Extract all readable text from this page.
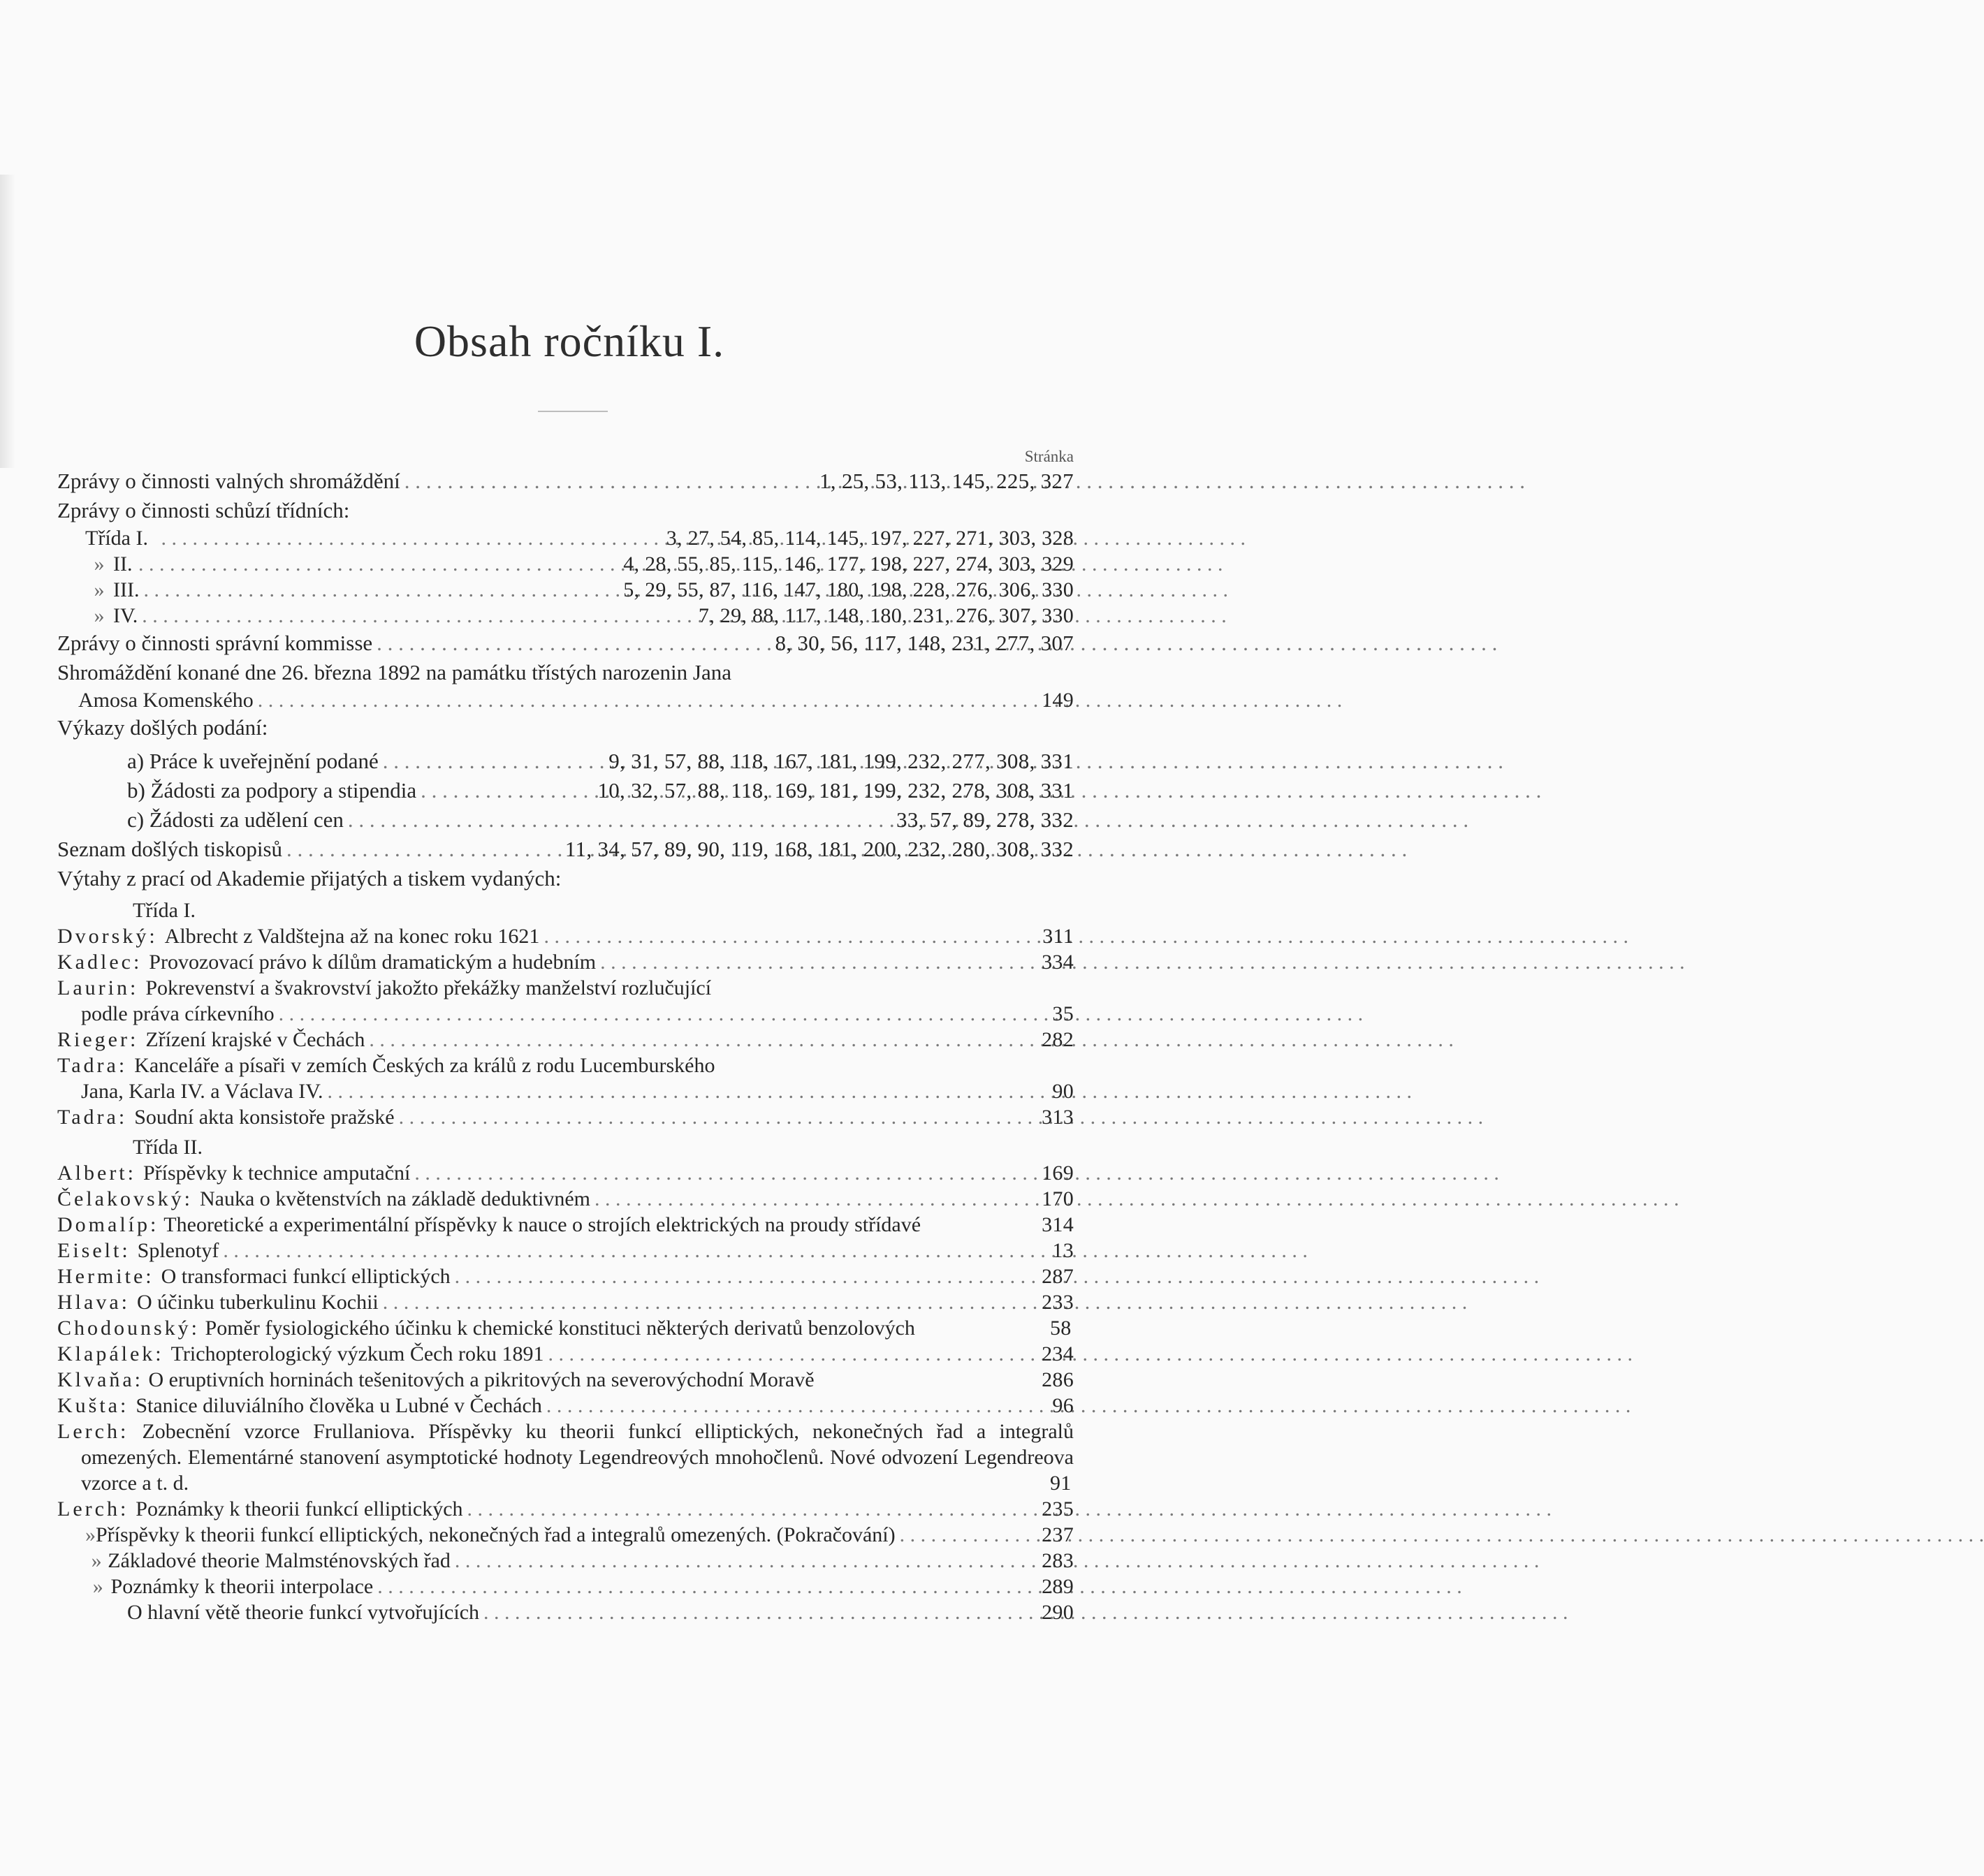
Obsah ročníku I.
Stránka
Zprávy o činnosti valných shromáždění . . .	1, 25, 53, 113, 145, 225, 327
Zprávy o činnosti schůzí třídních:
Třída I. . . .	3, 27, 54, 85, 114, 145, 197, 227, 271, 303, 328
» II. . . .	4, 28, 55, 85, 115, 146, 177, 198, 227, 274, 303, 329
» III. . . .	5, 29, 55, 87, 116, 147, 180, 198, 228, 276, 306, 330
» IV. . . .	7, 29, 88, 117, 148, 180, 231, 276, 307, 330
Zprávy o činnosti správní kommisse . . .	8, 30, 56, 117, 148, 231, 277, 307
Shromáždění konané dne 26. března 1892 na památku třístých narozenin Jana
Amosa Komenského . . .	149
Výkazy došlých podání:
a) Práce k uveřejnění podané . . .	9, 31, 57, 88, 118, 167, 181, 199, 232, 277, 308, 331
b) Žádosti za podpory a stipendia . . .	10, 32, 57, 88, 118, 169, 181, 199, 232, 278, 308, 331
c) Žádosti za udělení cen . . .	33, 57, 89, 278, 332
Seznam došlých tiskopisů . . .	11, 34, 57, 89, 90, 119, 168, 181, 200, 232, 280, 308, 332
Výtahy z prací od Akademie přijatých a tiskem vydaných:
Třída I.
Dvorský: Albrecht z Valdštejna až na konec roku 1621 . . .	311
Kadlec: Provozovací právo k dílům dramatickým a hudebním . . .	334
Laurin: Pokrevenství a švakrovství jakožto překážky manželství rozlučující
podle práva církevního . . .	35
Rieger: Zřízení krajské v Čechách . . .	282
Tadra: Kanceláře a písaři v zemích Českých za králů z rodu Lucemburského
Jana, Karla IV. a Václava IV. . . .	90
Tadra: Soudní akta konsistoře pražské . . .	313
Třída II.
Albert: Příspěvky k technice amputační . . .	169
Čelakovský: Nauka o květenstvích na základě deduktivném . . .	170
Domalíp: Theoretické a experimentální příspěvky k nauce o strojích elektrických na proudy střídavé	314
Eiselt: Splenotyf . . .	13
Hermite: O transformaci funkcí elliptických . . .	287
Hlava: O účinku tuberkulinu Kochii . . .	233
Chodounský: Poměr fysiologického účinku k chemické konstituci některých derivatů benzolových	58
Klapálek: Trichopterologický výzkum Čech roku 1891 . . .	234
Klvaňa: O eruptivních horninách tešenitových a pikritových na severovýchodní Moravě	286
Kušta: Stanice diluviálního člověka u Lubné v Čechách . . .	96
Lerch: Zobecnění vzorce Frullaniova. Příspěvky ku theorii funkcí elliptických, nekonečných řad a integralů omezených. Elementárné stanovení asymptotické hodnoty Legendreových mnohočlenů. Nové odvození Legendreova vzorce a t. d.	91
Lerch: Poznámky k theorii funkcí elliptických . . .	235
» Příspěvky k theorii funkcí elliptických, nekonečných řad a integralů omezených. (Pokračování) . . .	237
» Základové theorie Malmsténovských řad . . .	283
» Poznámky k theorii interpolace . . .	289
O hlavní větě theorie funkcí vytvořujících . . .	290
